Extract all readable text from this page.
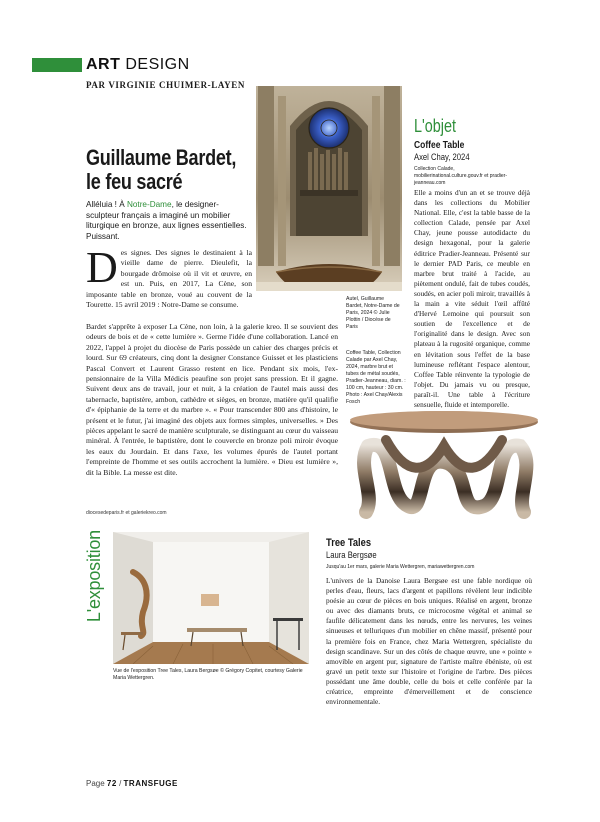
ART DESIGN
PAR VIRGINIE CHUIMER-LAYEN
Autel, Guillaume Bardet, Notre-Dame de Paris, 2024 © Julie Plottin / Diocèse de Paris
Guillaume Bardet, le feu sacré
Alléluia ! À Notre-Dame, le designer-sculpteur français a imaginé un mobilier liturgique en bronze, aux lignes essentielles. Puissant.
Des signes. Des signes le destinaient à la vieille dame de pierre. Dieulefit, la bourgade drômoise où il vit et œuvre, en est un. Puis, en 2017, La Cène, son imposante table en bronze, voué au couvent de la Tourette. 15 avril 2019 : Notre-Dame se consume.
Bardet s'apprête à exposer La Cène, non loin, à la galerie kreo. Il se souvient des odeurs de bois et de « cette lumière ». Germe l'idée d'une collaboration. Lancé en 2022, l'appel à projet du diocèse de Paris possède un cahier des charges précis et lourd. Sur 69 créateurs, cinq dont la designer Constance Guisset et les plasticiens Pascal Convert et Laurent Grasso restent en lice. Pendant six mois, l'ex-pensionnaire de la Villa Médicis peaufine son projet sans pression. Et il gagne. Suivent deux ans de travail, jour et nuit, à la création de l'autel mais aussi des tabernacle, baptistère, ambon, cathèdre et sièges, en bronze, matière qu'il qualifie d'« épiphanie de la terre et du marbre ». « Pour transcender 800 ans d'histoire, le présent et le futur, j'ai imaginé des objets aux formes simples, universelles. » Des pièces appelant le sacré de manière sculpturale, se distinguant au cœur du vaisseau minéral. À l'entrée, le baptistère, dont le couvercle en bronze poli miroir évoque les eaux du Jourdain. Et dans l'axe, les volumes épurés de l'autel portant l'empreinte de l'homme et ses outils accrochent la lumière. « Dieu est lumière », dit la Bible. La messe est dite.
diocesedeparis.fr et galeriekreo.com
L'objet
Coffee Table
Axel Chay, 2024
Collection Calade, mobilierinational.culture.gouv.fr et pradier-jeanneau.com
Elle a moins d'un an et se trouve déjà dans les collections du Mobilier National. Elle, c'est la table basse de la collection Calade, pensée par Axel Chay, jeune pousse autodidacte du design hexagonal, pour la galerie éditrice Pradier-Jeanneau. Présenté sur le dernier PAD Paris, ce meuble en marbre brut traité à l'acide, au piètement ondulé, fait de tubes coudés, soudés, en acier poli miroir, travaillés à la main a vite séduit l'œil affûté d'Hervé Lemoine qui poursuit son soutien de l'excellence et de l'originalité dans le design. Avec son plateau à la rugosité organique, comme en lévitation sous l'effet de la base lumineuse reflétant l'espace alentour, Coffee Table réinvente la typologie de l'objet. Du jamais vu ou presque, paraît-il. Une table à l'écriture sensuelle, fluide et intemporelle.
Coffee Table, Collection Calade par Axel Chay, 2024, marbre brut et tubes de métal soudés, Pradier-Jeanneau, diam. : 100 cm, hauteur : 30 cm. Photo : Axel Chay/Alexis Fosch
L'exposition
Vue de l'exposition Tree Tales, Laura Bergsøe © Grégory Copitet, courtesy Galerie Maria Wettergren.
Tree Tales
Laura Bergsøe
Jusqu'au 1er mars, galerie Maria Wettergren, mariawettergren.com
L'univers de la Danoise Laura Bergsøe est une fable nordique où perles d'eau, fleurs, lacs d'argent et papillons révèlent leur indicible poésie au cœur de pièces en bois uniques. Réalisé en argent, bronze ou avec des diamants bruts, ce microcosme végétal et animal se faufile délicatement dans les nœuds, entre les nervures, les veines sinueuses et telluriques d'un mobilier en chêne massif, présenté pour la première fois en France, chez Maria Wettergren, spécialiste du design scandinave. Sur un des côtés de chaque œuvre, une « pointe » amovible en argent pur, signature de l'artiste maître ébéniste, où est gravé un petit texte sur l'histoire et l'origine de l'arbre. Des pièces possédant une âme double, celle du bois et celle conférée par la créatrice, empreinte d'émerveillement et de conscience environnementale.
Page 72 / TRANSFUGE
